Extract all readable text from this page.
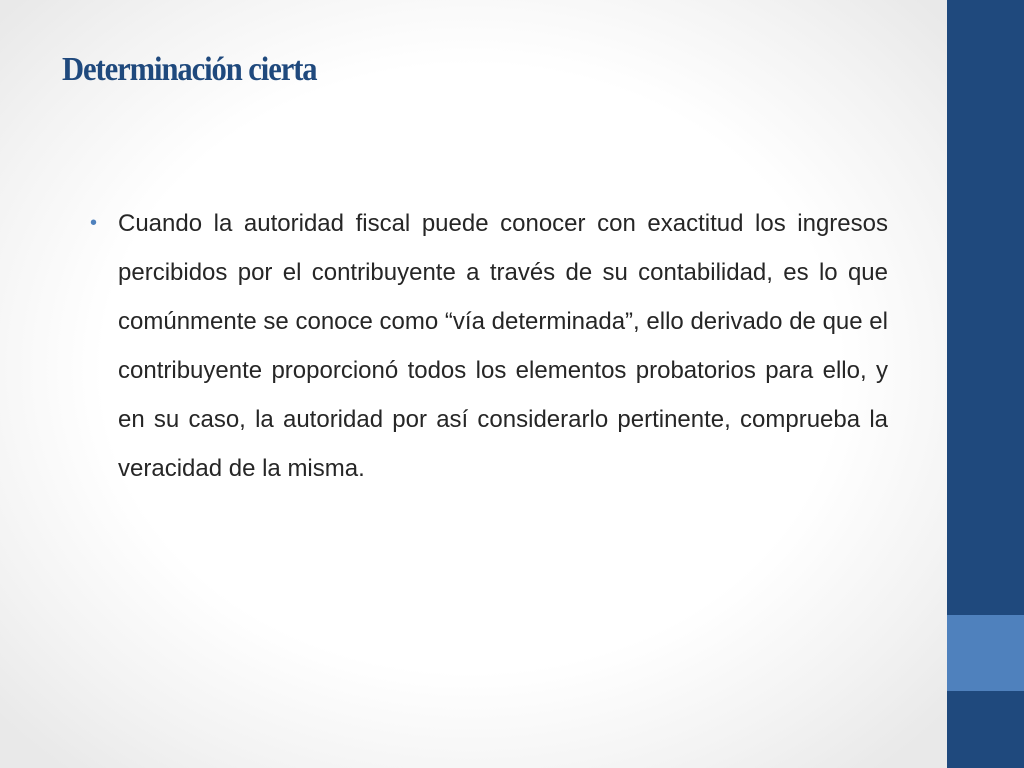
Determinación cierta
• Cuando la autoridad fiscal puede conocer con exactitud los ingresos percibidos por el contribuyente a través de su contabilidad, es lo que comúnmente se conoce como “vía determinada”, ello derivado de que el contribuyente proporcionó todos los elementos probatorios para ello, y en su caso, la autoridad por así considerarlo pertinente, comprueba la veracidad de la misma.
